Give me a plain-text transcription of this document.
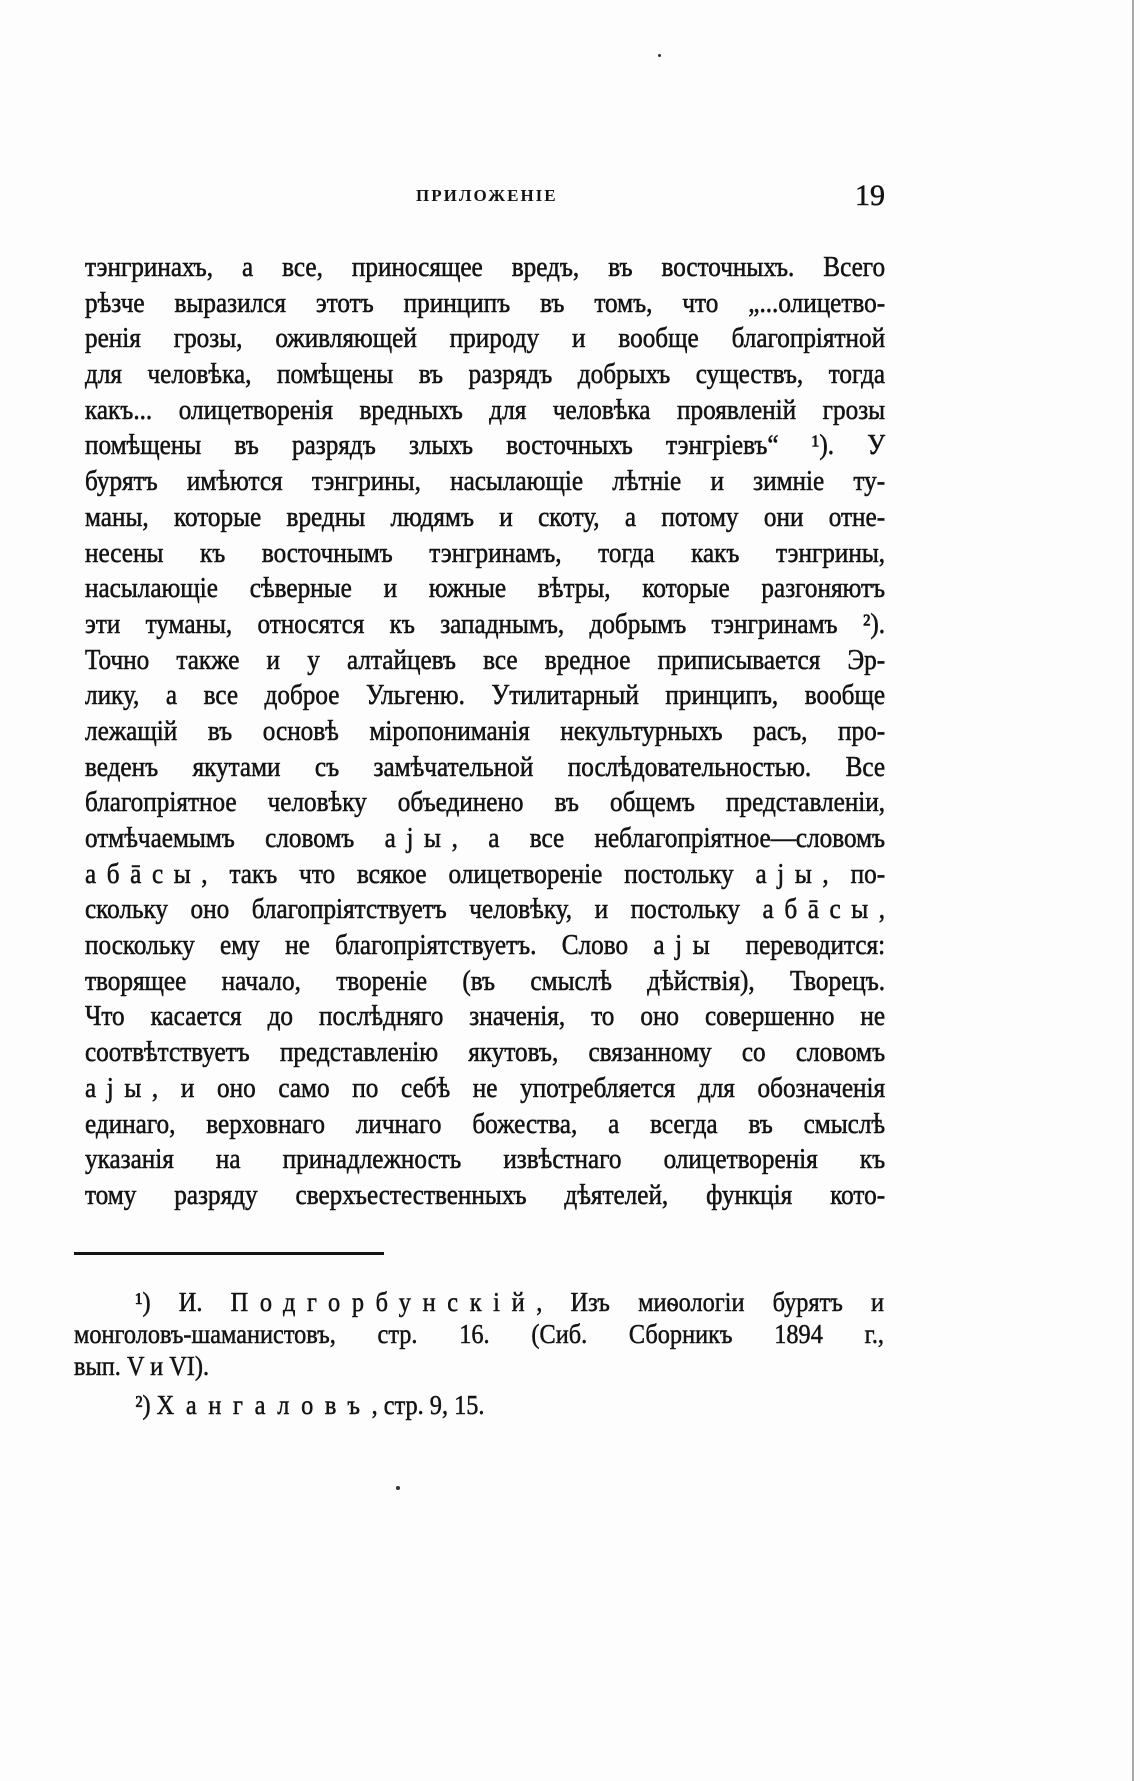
ПРИЛОЖЕНІЕ	19
тэнгринахъ, а все, приносящее вредъ, въ восточныхъ. Всего
рѣзче выразился этотъ принципъ въ томъ, что „...олицетво-
ренія грозы, оживляющей природу и вообще благопріятной
для человѣка, помѣщены въ разрядъ добрыхъ существъ, тогда
какъ... олицетворенія вредныхъ для человѣка проявленій грозы
помѣщены въ разрядъ злыхъ восточныхъ тэнгріевъ“ ¹). У
бурятъ имѣются тэнгрины, насылающіе лѣтніе и зимніе ту-
маны, которые вредны людямъ и скоту, а потому они отне-
несены къ восточнымъ тэнгринамъ, тогда какъ тэнгрины,
насылающіе сѣверные и южные вѣтры, которые разгоняютъ
эти туманы, относятся къ западнымъ, добрымъ тэнгринамъ ²).
Точно также и у алтайцевъ все вредное приписывается Эр-
лику, а все доброе Ульгеню. Утилитарный принципъ, вообще
лежащій въ основѣ міропониманія некультурныхъ расъ, про-
веденъ якутами съ замѣчательной послѣдовательностью. Все
благопріятное человѣку объединено въ общемъ представленіи,
отмѣчаемымъ словомъ аjы, а все неблагопріятное—словомъ
абāсы, такъ что всякое олицетвореніе постольку аjы, по-
скольку оно благопріятствуетъ человѣку, и постольку абāсы,
поскольку ему не благопріятствуетъ. Слово аjы переводится:
творящее начало, твореніе (въ смыслѣ дѣйствія), Творецъ.
Что касается до послѣдняго значенія, то оно совершенно не
соотвѣтствуетъ представленію якутовъ, связанному со словомъ
аjы, и оно само по себѣ не употребляется для обозначенія
единаго, верховнаго личнаго божества, а всегда въ смыслѣ
указанія на принадлежность извѣстнаго олицетворенія къ
тому разряду сверхъестественныхъ дѣятелей, функція кото-
¹) И. Подгорбунскій, Изъ миѳологіи бурятъ и
монголовъ-шаманистовъ, стр. 16. (Сиб. Сборникъ 1894 г.,
вып. V и VI).
²) Хангаловъ, стр. 9, 15.
